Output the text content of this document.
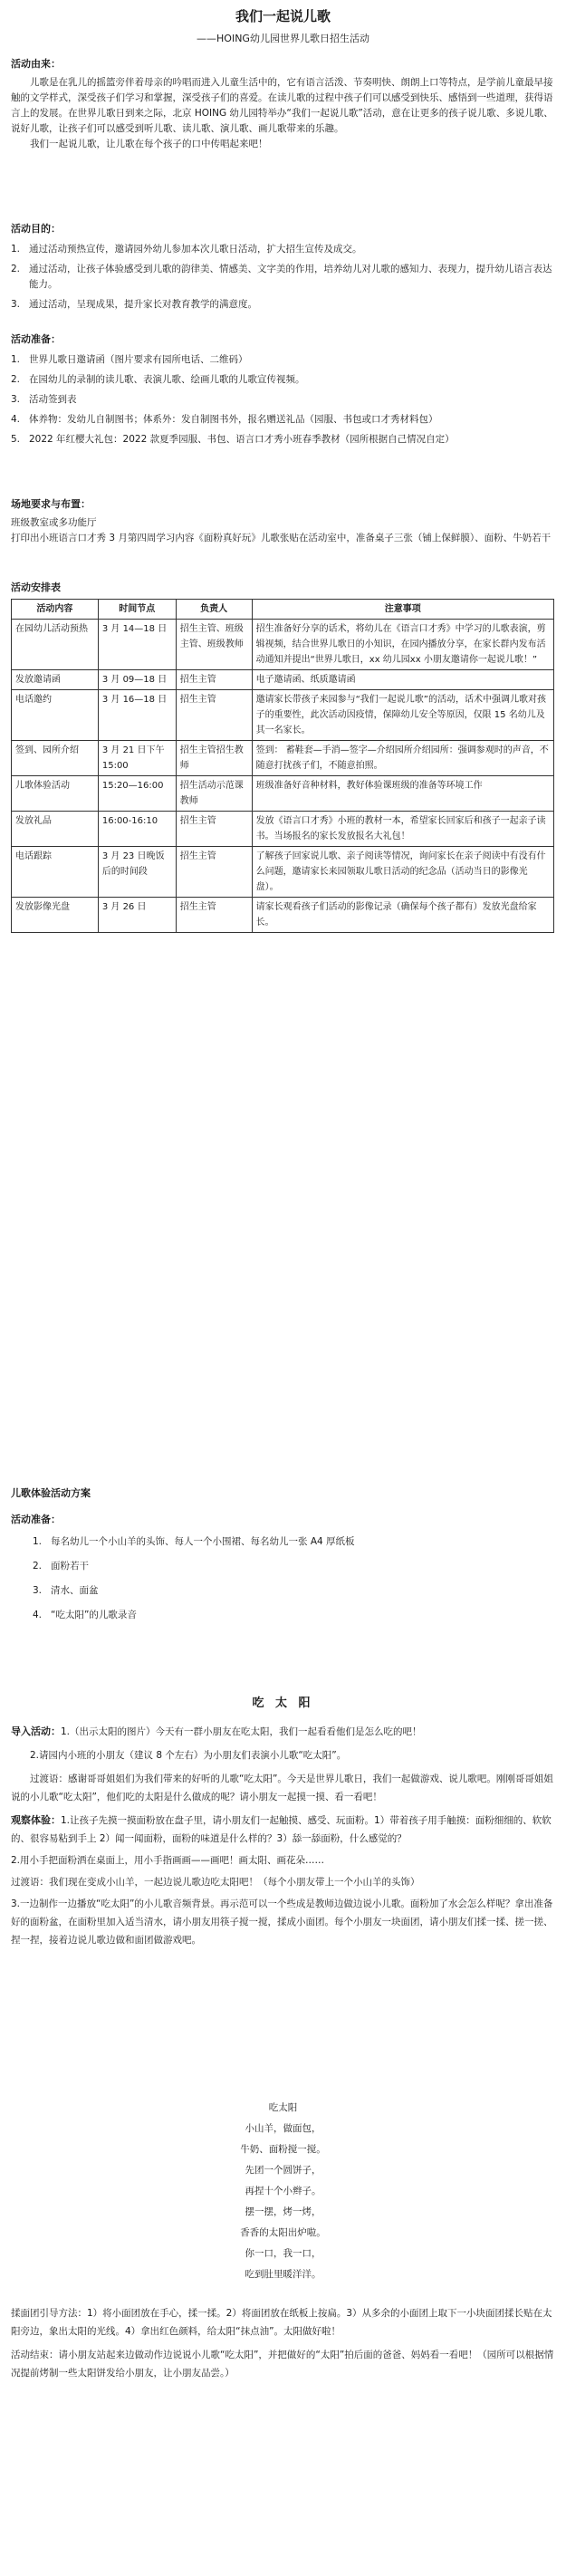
我们一起说儿歌
——HOING幼儿园世界儿歌日招生活动
活动由来：

儿歌是在乳儿的摇篮旁伴着母亲的吟唱而进入儿童生活中的，它有语言活泼、节奏明快、朗朗上口等特点，是学前儿童最早接触的文学样式，深受孩子们学习和掌握，深受孩子们的喜爱。在读儿歌的过程中孩子们可以感受到快乐、感悟到一些道理，获得语言上的发展。在世界儿歌日到来之际，北京 HOING 幼儿园特举办“我们一起说儿歌”活动，意在让更多的孩子说儿歌、多说儿歌、说好儿歌，让孩子们可以感受到听儿歌、读儿歌、演儿歌、画儿歌带来的乐趣。

我们一起说儿歌，让儿歌在每个孩子的口中传唱起来吧！

活动目的：
1. 通过活动预热宣传，邀请园外幼儿参加本次儿歌日活动，扩大招生宣传及成交。
2. 通过活动，让孩子体验感受到儿歌的韵律美、情感美、文字美的作用，培养幼儿对儿歌的感知力、表现力，提升幼儿语言表达能力。
3. 通过活动，呈现成果，提升家长对教育教学的满意度。
活动准备：
1. 世界儿歌日邀请函（图片要求有园所电话、二维码）
2. 在园幼儿的录制的读儿歌、表演儿歌、绘画儿歌的儿歌宣传视频。
3. 活动签到表
4. 体养物：发幼儿自制图书；体系外：发自制图书外，报名赠送礼品（园服、书包或口才秀材料包）
5. 2022 年红樱大礼包：2022 款夏季园服、书包、语言口才秀小班春季教材（园所根据自己情况自定）
场地要求与布置：

班级教室或多功能厅

打印出小班语言口才秀 3 月第四周学习内容《面粉真好玩》儿歌张贴在活动室中，准备桌子三张（铺上保鲜膜）、面粉、牛奶若干

活动安排表
活动内容	时间节点	负责人	注意事项
在园幼儿活动预热	3 月 14—18 日	招生主管、班级主管、班级教师	招生准备好分享的话术，将幼儿在《语言口才秀》中学习的儿歌表演，剪辑视频，结合世界儿歌日的小知识，在园内播放分享，在家长群内发布活动通知并提出“世界儿歌日，xx 幼儿园xx 小朋友邀请你一起说儿歌！”
发放邀请函	3 月 09—18 日	招生主管	电子邀请函、纸质邀请函
电话邀约	3 月 16—18 日	招生主管	邀请家长带孩子来园参与“我们一起说儿歌”的活动，话术中强调儿歌对孩子的重要性，此次活动因疫情，保障幼儿安全等原因，仅限 15 名幼儿及其一名家长。
签到、园所介绍	3 月 21 日下午 15:00	招生主管招生教师	签到： 蓄鞋套—手消—签字—介绍园所介绍园所：强调参观时的声音，不随意打扰孩子们，不随意拍照。
儿歌体验活动	15:20—16:00	招生活动示范课教师	班级准备好音种材料，教好体验课班级的准备等环境工作
发放礼品	16:00-16:10	招生主管	发放《语言口才秀》小班的教材一本，希望家长回家后和孩子一起亲子读书。当场报名的家长发放报名大礼包！
电话跟踪	3 月 23 日晚饭后的时间段	招生主管	了解孩子回家说儿歌、亲子阅读等情况，询问家长在亲子阅读中有没有什么问题，邀请家长来园领取儿歌日活动的纪念品（活动当日的影像光盘）。
发放影像光盘	3 月 26 日	招生主管	请家长观看孩子们活动的影像记录（确保每个孩子都有）发放光盘给家长。
儿歌体验活动方案
活动准备：
1. 每名幼儿一个小山羊的头饰、每人一个小围裙、每名幼儿一张 A4 厚纸板
2. 面粉若干
3. 清水、面盆
4. “吃太阳”的儿歌录音
吃 太 阳

导入活动：1.（出示太阳的图片）今天有一群小朋友在吃太阳，我们一起看看他们是怎么吃的吧！

2.请园内小班的小朋友（建议 8 个左右）为小朋友们表演小儿歌“吃太阳”。

过渡语：感谢哥哥姐姐们为我们带来的好听的儿歌“吃太阳”。今天是世界儿歌日，我们一起做游戏、说儿歌吧。刚刚哥哥姐姐说的小儿歌“吃太阳”，他们吃的太阳是什么做成的呢？请小朋友一起摸一摸、看一看吧！

观察体验：1.让孩子先摸一摸面粉放在盘子里，请小朋友们一起触摸、感受、玩面粉。1）带着孩子用手触摸：面粉细细的、软软的、很容易粘到手上 2）闻一闻面粉，面粉的味道是什么样的？3）舔一舔面粉，什么感觉的？

2.用小手把面粉洒在桌面上，用小手指画画——画吧！画太阳、画花朵……

过渡语：我们现在变成小山羊，一起边说儿歌边吃太阳吧！（每个小朋友带上一个小山羊的头饰）

3.一边制作一边播放“吃太阳”的小儿歌音频背景。再示范可以一个些成是教师边做边说小儿歌。面粉加了水会怎么样呢？拿出准备好的面粉盆，在面粉里加入适当清水，请小朋友用筷子搅一搅，揉成小面团。每个小朋友一块面团，请小朋友们揉一揉、搓一搓、捏一捏，接着边说儿歌边做和面团做游戏吧。

吃太阳
小山羊，做面包，
牛奶、面粉搅一搅。
先团一个圆饼子，
再捏十个小辫子。
摆一摆，烤一烤，
香香的太阳出炉啦。
你一口，我一口，
吃到肚里暖洋洋。

揉面团引导方法：1）将小面团放在手心，揉一揉。2）将面团放在纸板上按扁。3）从多余的小面团上取下一小块面团揉长贴在太阳旁边，象出太阳的光线。4）拿出红色颜料，给太阳“抹点油”。太阳做好啦！

活动结束：请小朋友站起来边做动作边说说小儿歌“吃太阳”，并把做好的“太阳”拍后面的爸爸、妈妈看一看吧！（园所可以根据情况提前烤制一些太阳饼发给小朋友，让小朋友品尝。）
